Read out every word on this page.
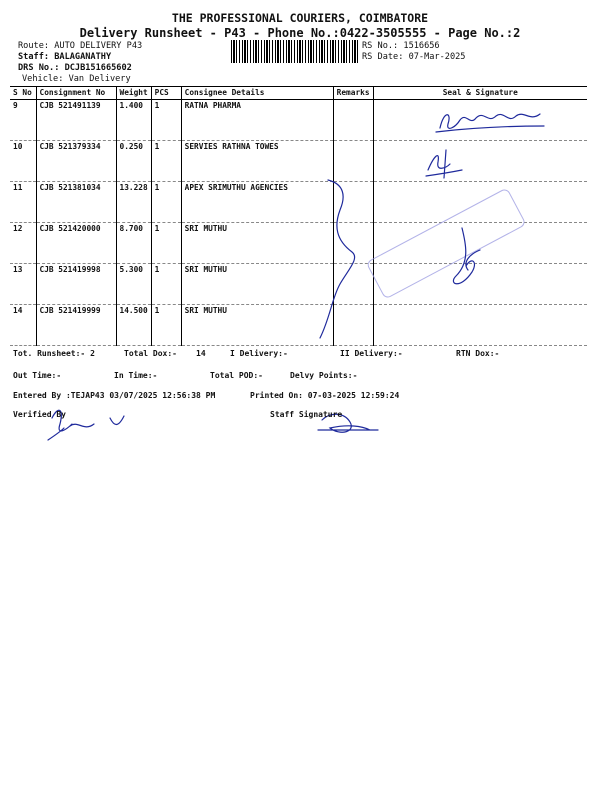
THE PROFESSIONAL COURIERS, COIMBATORE
Delivery Runsheet - P43 - Phone No.:0422-3505555 - Page No.:2
Route: AUTO DELIVERY P43
Staff: BALAGANATHY
DRS No.: DCJB151665602
Vehicle: Van Delivery
RS No.: 1516656
RS Date: 07-Mar-2025
S No	Consignment No	Weight	PCS	Consignee Details	Remarks	Seal & Signature
9	CJB 521491139	1.400	1	RATNA PHARMA		
10	CJB 521379334	0.250	1	SERVIES RATHNA TOWES		
11	CJB 521381034	13.228	1	APEX SRIMUTHU AGENCIES		
12	CJB 521420000	8.700	1	SRI MUTHU		
13	CJB 521419998	5.300	1	SRI MUTHU		
14	CJB 521419999	14.500	1	SRI MUTHU		
Tot. Runsheet:- 2	Total Dox:- 14	I Delivery:-	II Delivery:-	RTN Dox:-
Out Time:-	In Time:-	Total POD:-	Delvy Points:-
Entered By :TEJAP43 03/07/2025 12:56:38 PM	Printed On: 07-03-2025 12:59:24
Verified By	Staff Signature
